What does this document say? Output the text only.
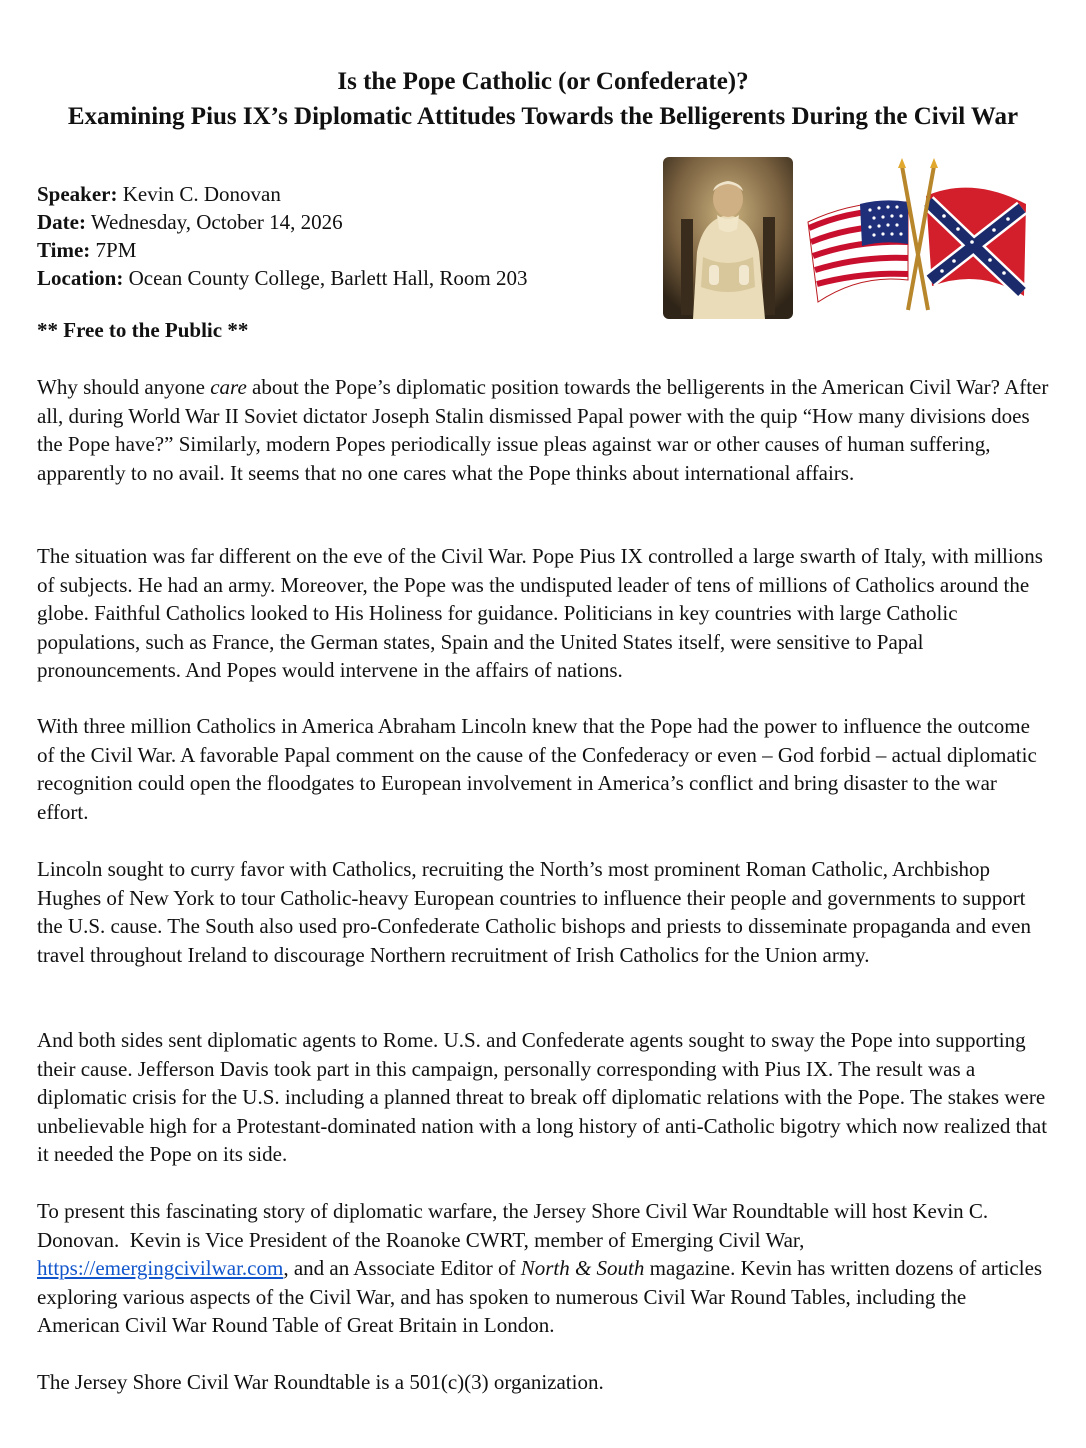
Is the Pope Catholic (or Confederate)?
Examining Pius IX’s Diplomatic Attitudes Towards the Belligerents During the Civil War
Speaker: Kevin C. Donovan
Date: Wednesday, October 14, 2026
Time: 7PM
Location: Ocean County College, Barlett Hall, Room 203
** Free to the Public **

Why should anyone care about the Pope’s diplomatic position towards the belligerents in the American Civil War? After all, during World War II Soviet dictator Joseph Stalin dismissed Papal power with the quip “How many divisions does the Pope have?” Similarly, modern Popes periodically issue pleas against war or other causes of human suffering, apparently to no avail. It seems that no one cares what the Pope thinks about international affairs.

The situation was far different on the eve of the Civil War. Pope Pius IX controlled a large swarth of Italy, with millions of subjects. He had an army. Moreover, the Pope was the undisputed leader of tens of millions of Catholics around the globe. Faithful Catholics looked to His Holiness for guidance. Politicians in key countries with large Catholic populations, such as France, the German states, Spain and the United States itself, were sensitive to Papal pronouncements. And Popes would intervene in the affairs of nations.

With three million Catholics in America Abraham Lincoln knew that the Pope had the power to influence the outcome of the Civil War. A favorable Papal comment on the cause of the Confederacy or even – God forbid – actual diplomatic recognition could open the floodgates to European involvement in America’s conflict and bring disaster to the war effort.

Lincoln sought to curry favor with Catholics, recruiting the North’s most prominent Roman Catholic, Archbishop Hughes of New York to tour Catholic-heavy European countries to influence their people and governments to support the U.S. cause. The South also used pro-Confederate Catholic bishops and priests to disseminate propaganda and even travel throughout Ireland to discourage Northern recruitment of Irish Catholics for the Union army.

And both sides sent diplomatic agents to Rome. U.S. and Confederate agents sought to sway the Pope into supporting their cause. Jefferson Davis took part in this campaign, personally corresponding with Pius IX. The result was a diplomatic crisis for the U.S. including a planned threat to break off diplomatic relations with the Pope. The stakes were unbelievable high for a Protestant-dominated nation with a long history of anti-Catholic bigotry which now realized that it needed the Pope on its side.

To present this fascinating story of diplomatic warfare, the Jersey Shore Civil War Roundtable will host Kevin C. Donovan.  Kevin is Vice President of the Roanoke CWRT, member of Emerging Civil War, https://emergingcivilwar.com, and an Associate Editor of North & South magazine. Kevin has written dozens of articles exploring various aspects of the Civil War, and has spoken to numerous Civil War Round Tables, including the American Civil War Round Table of Great Britain in London.

The Jersey Shore Civil War Roundtable is a 501(c)(3) organization.
